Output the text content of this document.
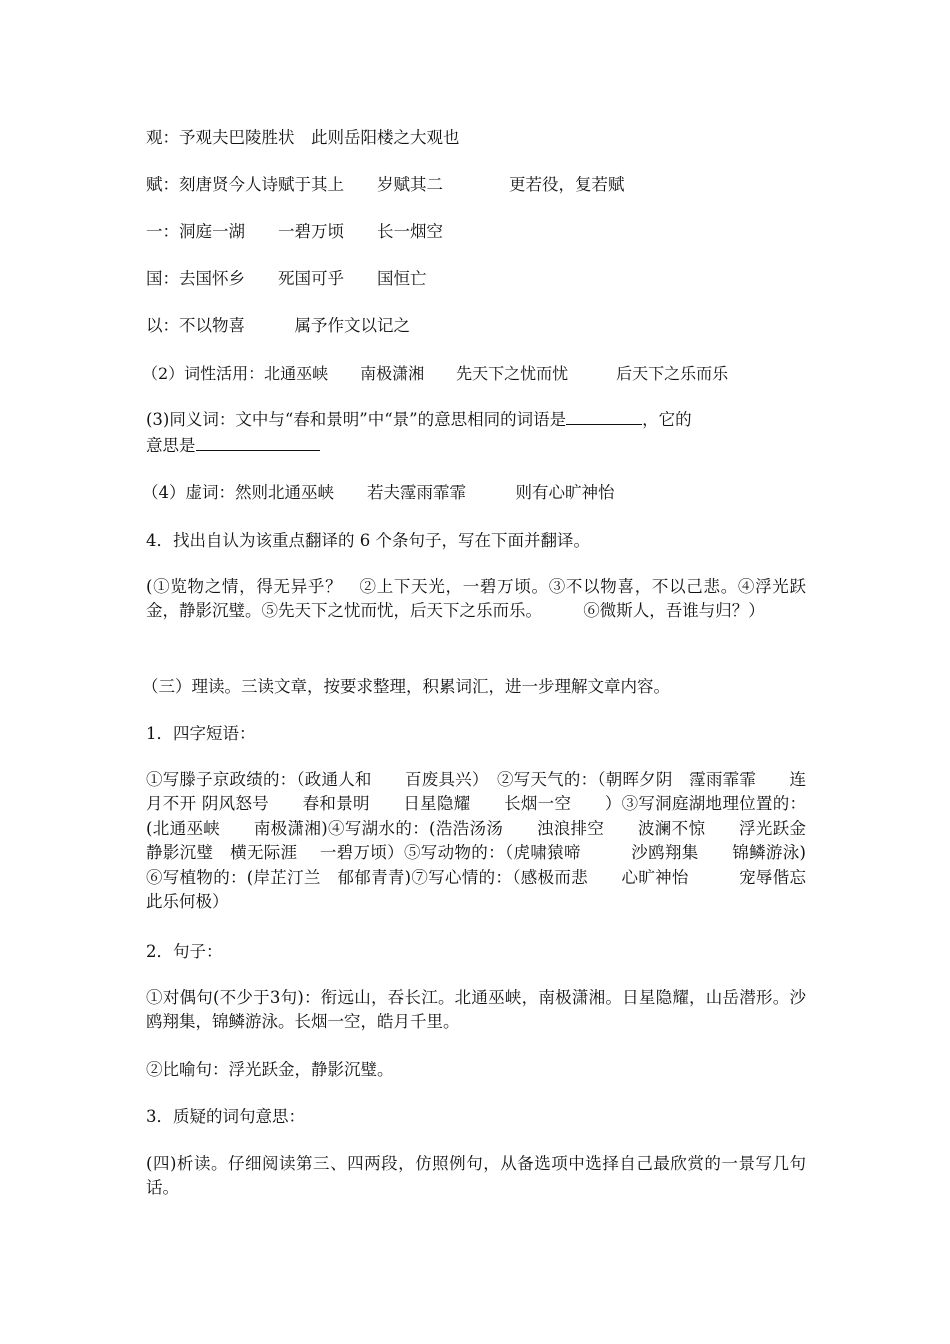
观：予观夫巴陵胜状　此则岳阳楼之大观也
赋：刻唐贤今人诗赋于其上　　岁赋其二　　　　更若役，复若赋
一：洞庭一湖　　一碧万顷　　长一烟空
国：去国怀乡　　死国可乎　　国恒亡
以：不以物喜　　　属予作文以记之
（2）词性活用：北通巫峡　　南极潇湘　　先天下之忧而忧　　　后天下之乐而乐
(3)同义词：文中与“春和景明”中“景”的意思相同的词语是	，它的
意思是
（4）虚词：然则北通巫峡　　若夫霪雨霏霏　　　则有心旷神怡
4．找出自认为该重点翻译的 6 个条句子，写在下面并翻译。
(①览物之情，得无异乎？　②上下天光，一碧万顷。③不以物喜，不以己悲。④浮光跃金，静影沉璧。⑤先天下之忧而忧，后天下之乐而乐。　　　⑥微斯人，吾谁与归？）
（三）理读。三读文章，按要求整理，积累词汇，进一步理解文章内容。
1．四字短语：
①写滕子京政绩的：（政通人和　　百废具兴）　②写天气的：（朝晖夕阴　霪雨霏霏　　连月不开 阴风怒号　　春和景明　　日星隐耀　　长烟一空　　）③写洞庭湖地理位置的：(北通巫峡　　南极潇湘)④写湖水的：(浩浩汤汤　　浊浪排空　　波澜不惊　　浮光跃金　　静影沉璧　横无际涯　 一碧万顷）⑤写动物的：（虎啸猿啼　　　沙鸥翔集　　锦鳞游泳)⑥写植物的：(岸芷汀兰　郁郁青青)⑦写心情的：（感极而悲　　心旷神怡　　　宠辱偕忘　　此乐何极）
2．句子：
①对偶句(不少于3句)：衔远山，吞长江。北通巫峡，南极潇湘。日星隐耀，山岳潜形。沙鸥翔集，锦鳞游泳。长烟一空，皓月千里。
②比喻句：浮光跃金，静影沉璧。
3．质疑的词句意思：
(四)析读。仔细阅读第三、四两段，仿照例句，从备选项中选择自己最欣赏的一景写几句话。
